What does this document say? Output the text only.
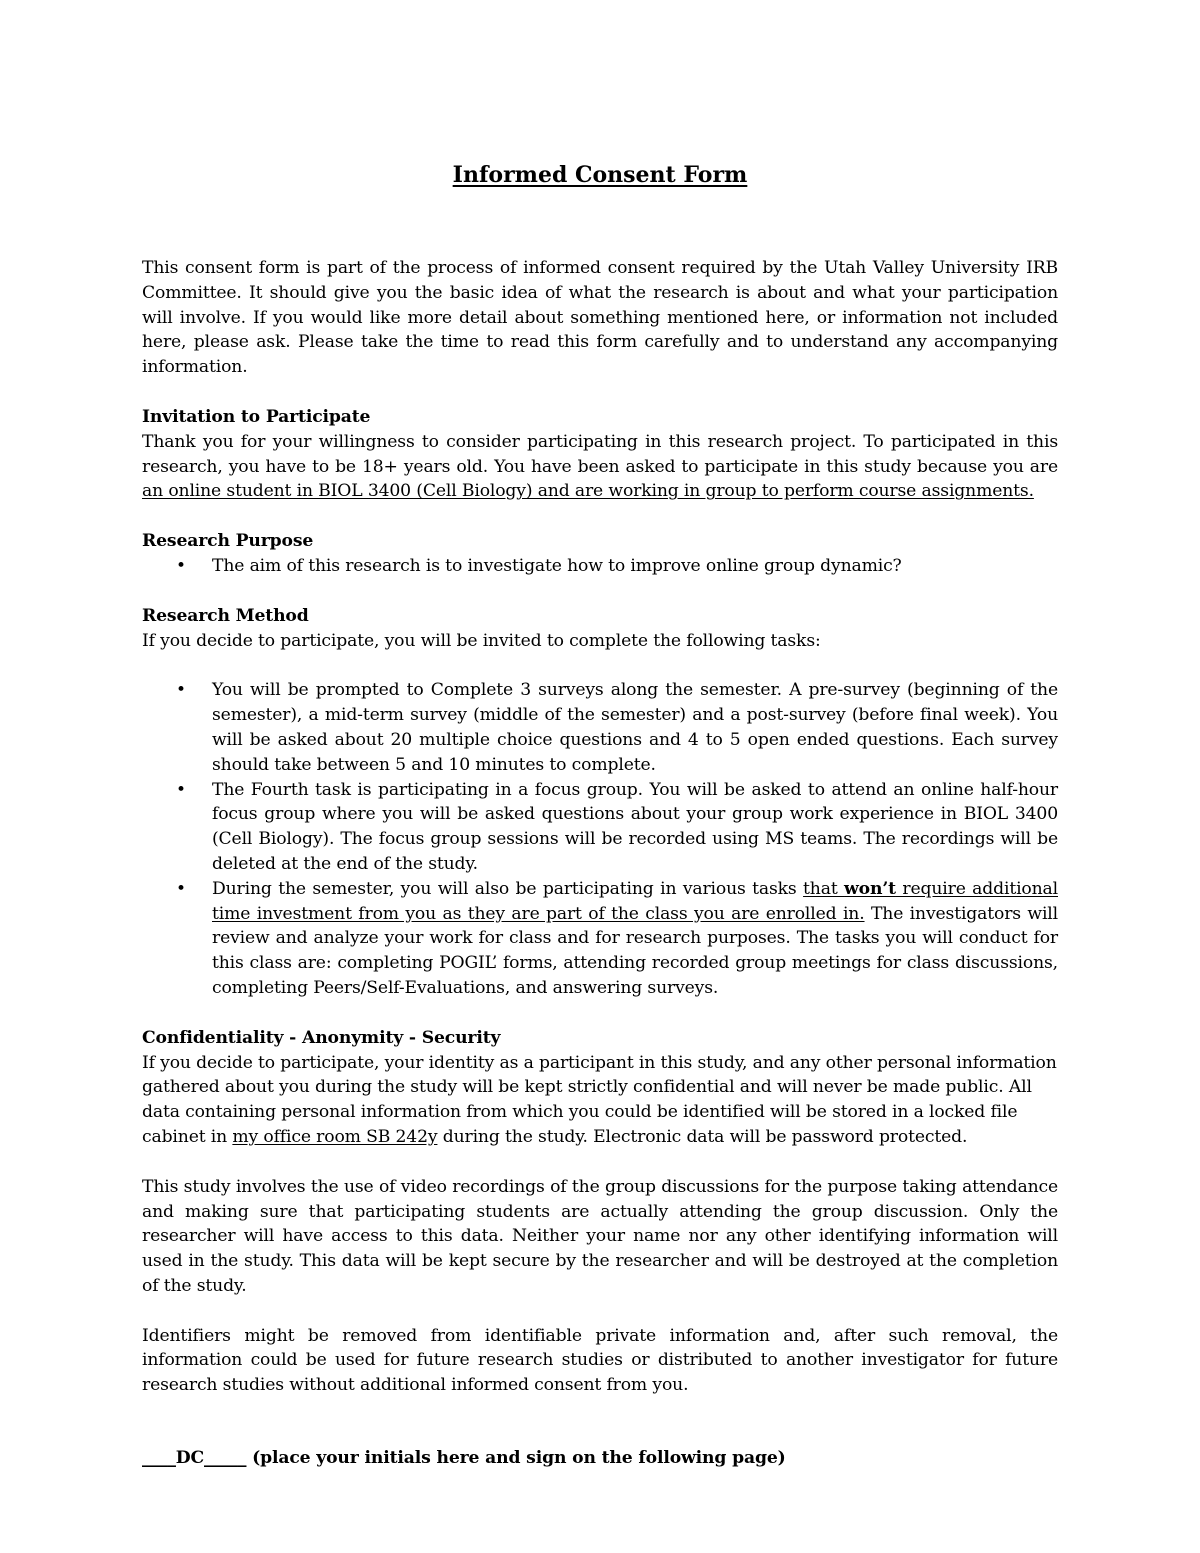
Informed Consent Form

This consent form is part of the process of informed consent required by the Utah Valley University IRB Committee. It should give you the basic idea of what the research is about and what your participation will involve. If you would like more detail about something mentioned here, or information not included here, please ask. Please take the time to read this form carefully and to understand any accompanying information.

Invitation to Participate

Thank you for your willingness to consider participating in this research project. To participated in this research, you have to be 18+ years old. You have been asked to participate in this study because you are an online student in BIOL 3400 (Cell Biology) and are working in group to perform course assignments.

Research Purpose

• The aim of this research is to investigate how to improve online group dynamic?

Research Method

If you decide to participate, you will be invited to complete the following tasks:

• You will be prompted to Complete 3 surveys along the semester. A pre-survey (beginning of the semester), a mid-term survey (middle of the semester) and a post-survey (before final week). You will be asked about 20 multiple choice questions and 4 to 5 open ended questions. Each survey should take between 5 and 10 minutes to complete.
• The Fourth task is participating in a focus group. You will be asked to attend an online half-hour focus group where you will be asked questions about your group work experience in BIOL 3400 (Cell Biology). The focus group sessions will be recorded using MS teams. The recordings will be deleted at the end of the study.
• During the semester, you will also be participating in various tasks that won’t require additional time investment from you as they are part of the class you are enrolled in. The investigators will review and analyze your work for class and for research purposes. The tasks you will conduct for this class are: completing POGIL’ forms, attending recorded group meetings for class discussions, completing Peers/Self-Evaluations, and answering surveys.

Confidentiality - Anonymity - Security

If you decide to participate, your identity as a participant in this study, and any other personal information gathered about you during the study will be kept strictly confidential and will never be made public. All data containing personal information from which you could be identified will be stored in a locked file cabinet in my office room SB 242y during the study. Electronic data will be password protected.

This study involves the use of video recordings of the group discussions for the purpose taking attendance and making sure that participating students are actually attending the group discussion. Only the researcher will have access to this data. Neither your name nor any other identifying information will used in the study. This data will be kept secure by the researcher and will be destroyed at the completion of the study.

Identifiers might be removed from identifiable private information and, after such removal, the information could be used for future research studies or distributed to another investigator for future research studies without additional informed consent from you.

____DC_____ (place your initials here and sign on the following page)
